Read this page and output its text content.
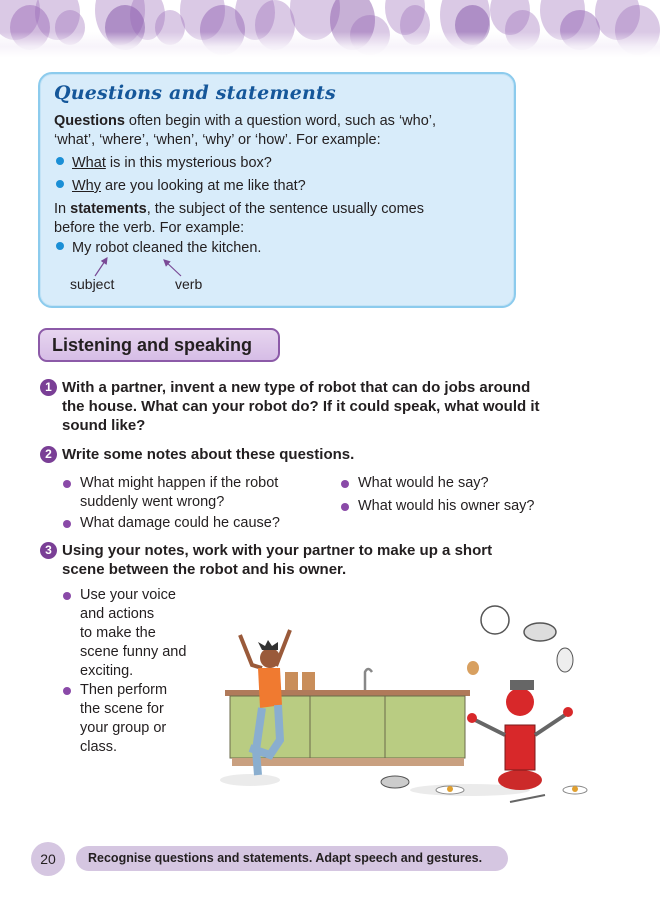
Questions and statements
Questions often begin with a question word, such as ‘who’,
‘what’, ‘where’, ‘when’, ‘why’ or ‘how’. For example:
What is in this mysterious box?
Why are you looking at me like that?
In statements, the subject of the sentence usually comes
before the verb. For example:
My robot cleaned the kitchen.
subject	verb
Listening and speaking
1 With a partner, invent a new type of robot that can do jobs around
the house. What can your robot do? If it could speak, what would it
sound like?
2 Write some notes about these questions.
What might happen if the robot
suddenly went wrong?
What damage could he cause?
What would he say?
What would his owner say?
3 Using your notes, work with your partner to make up a short
scene between the robot and his owner.
Use your voice
and actions
to make the
scene funny and
exciting.
Then perform
the scene for
your group or
class.
20	Recognise questions and statements. Adapt speech and gestures.
